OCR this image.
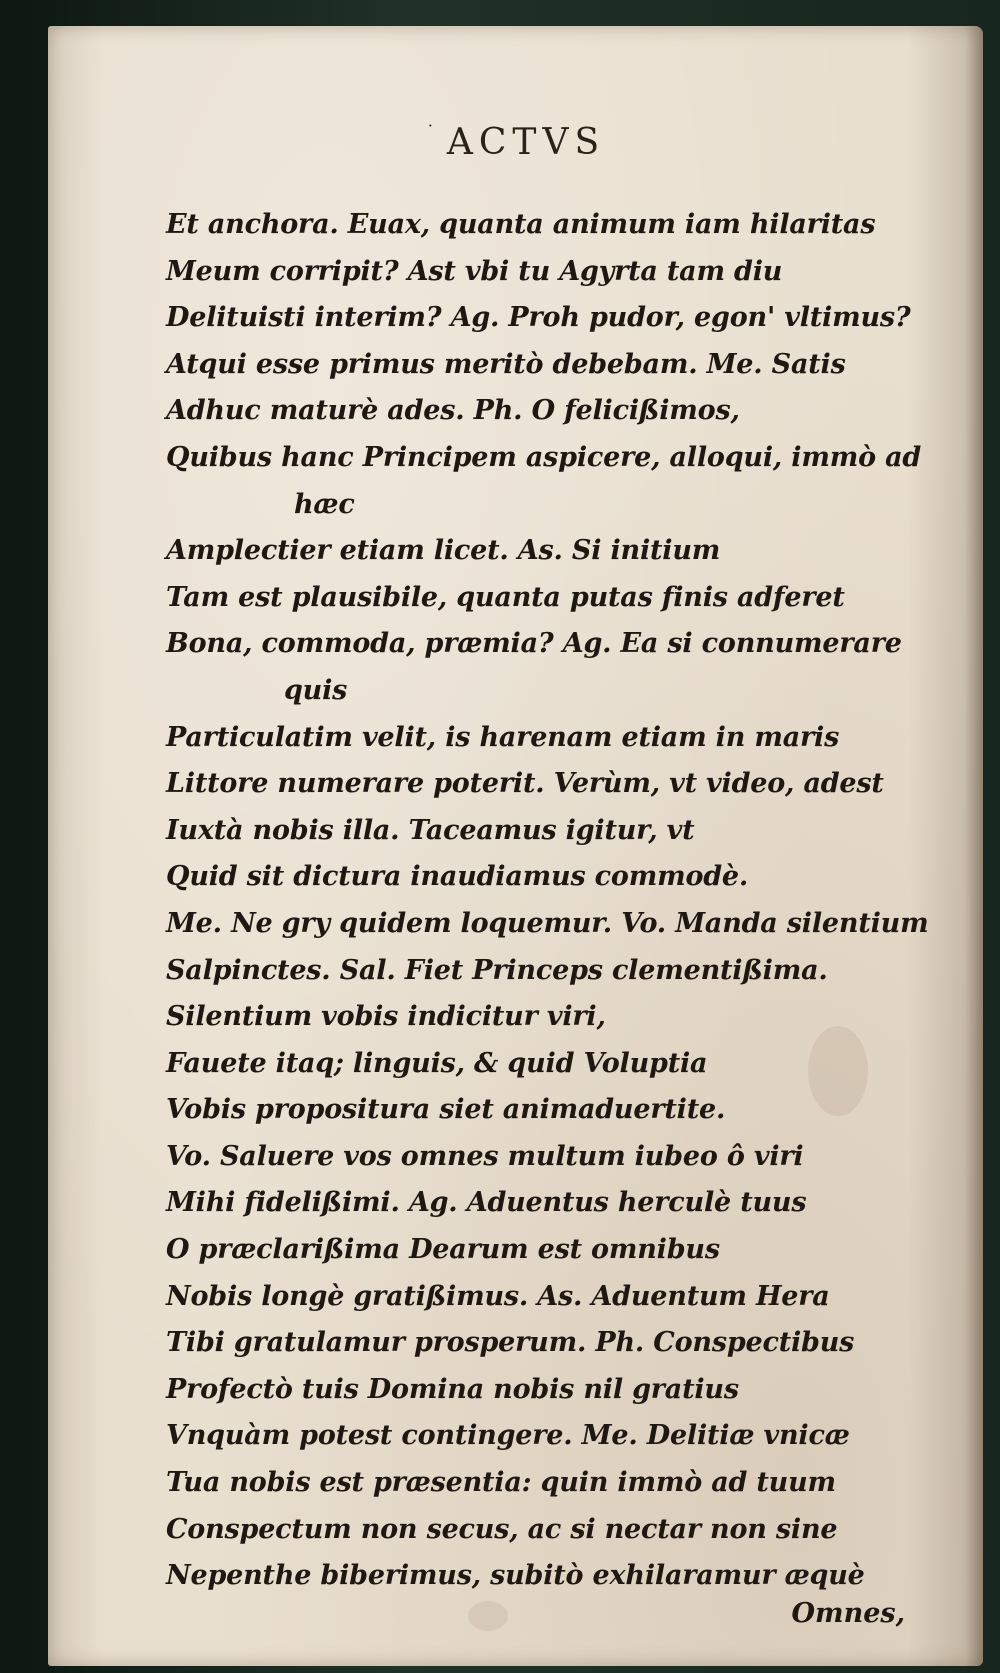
˙ ACTVS
Et anchora. Euax, quanta animum iam hilaritas
Meum corripit? Ast vbi tu Agyrta tam diu
Delituisti interim? Ag. Proh pudor, egon' vltimus?
Atqui esse primus meritò debebam. Me. Satis
Adhuc maturè ades. Ph. O felicißimos,
Quibus hanc Principem aspicere, alloqui, immò ad
hæc
Amplectier etiam licet. As. Si initium
Tam est plausibile, quanta putas finis adferet
Bona, commoda, præmia? Ag. Ea si connumerare
quis
Particulatim velit, is harenam etiam in maris
Littore numerare poterit. Verùm, vt video, adest
Iuxtà nobis illa. Taceamus igitur, vt
Quid sit dictura inaudiamus commodè.
Me. Ne gry quidem loquemur. Vo. Manda silentium
Salpinctes. Sal. Fiet Princeps clementißima.
Silentium vobis indicitur viri,
Fauete itaq; linguis, & quid Voluptia
Vobis propositura siet animaduertite.
Vo. Saluere vos omnes multum iubeo ô viri
Mihi fidelißimi. Ag. Aduentus herculè tuus
O præclarißima Dearum est omnibus
Nobis longè gratißimus. As. Aduentum Hera
Tibi gratulamur prosperum. Ph. Conspectibus
Profectò tuis Domina nobis nil gratius
Vnquàm potest contingere. Me. Delitiæ vnicæ
Tua nobis est præsentia: quin immò ad tuum
Conspectum non secus, ac si nectar non sine
Nepenthe biberimus, subitò exhilaramur æquè
Omnes,
